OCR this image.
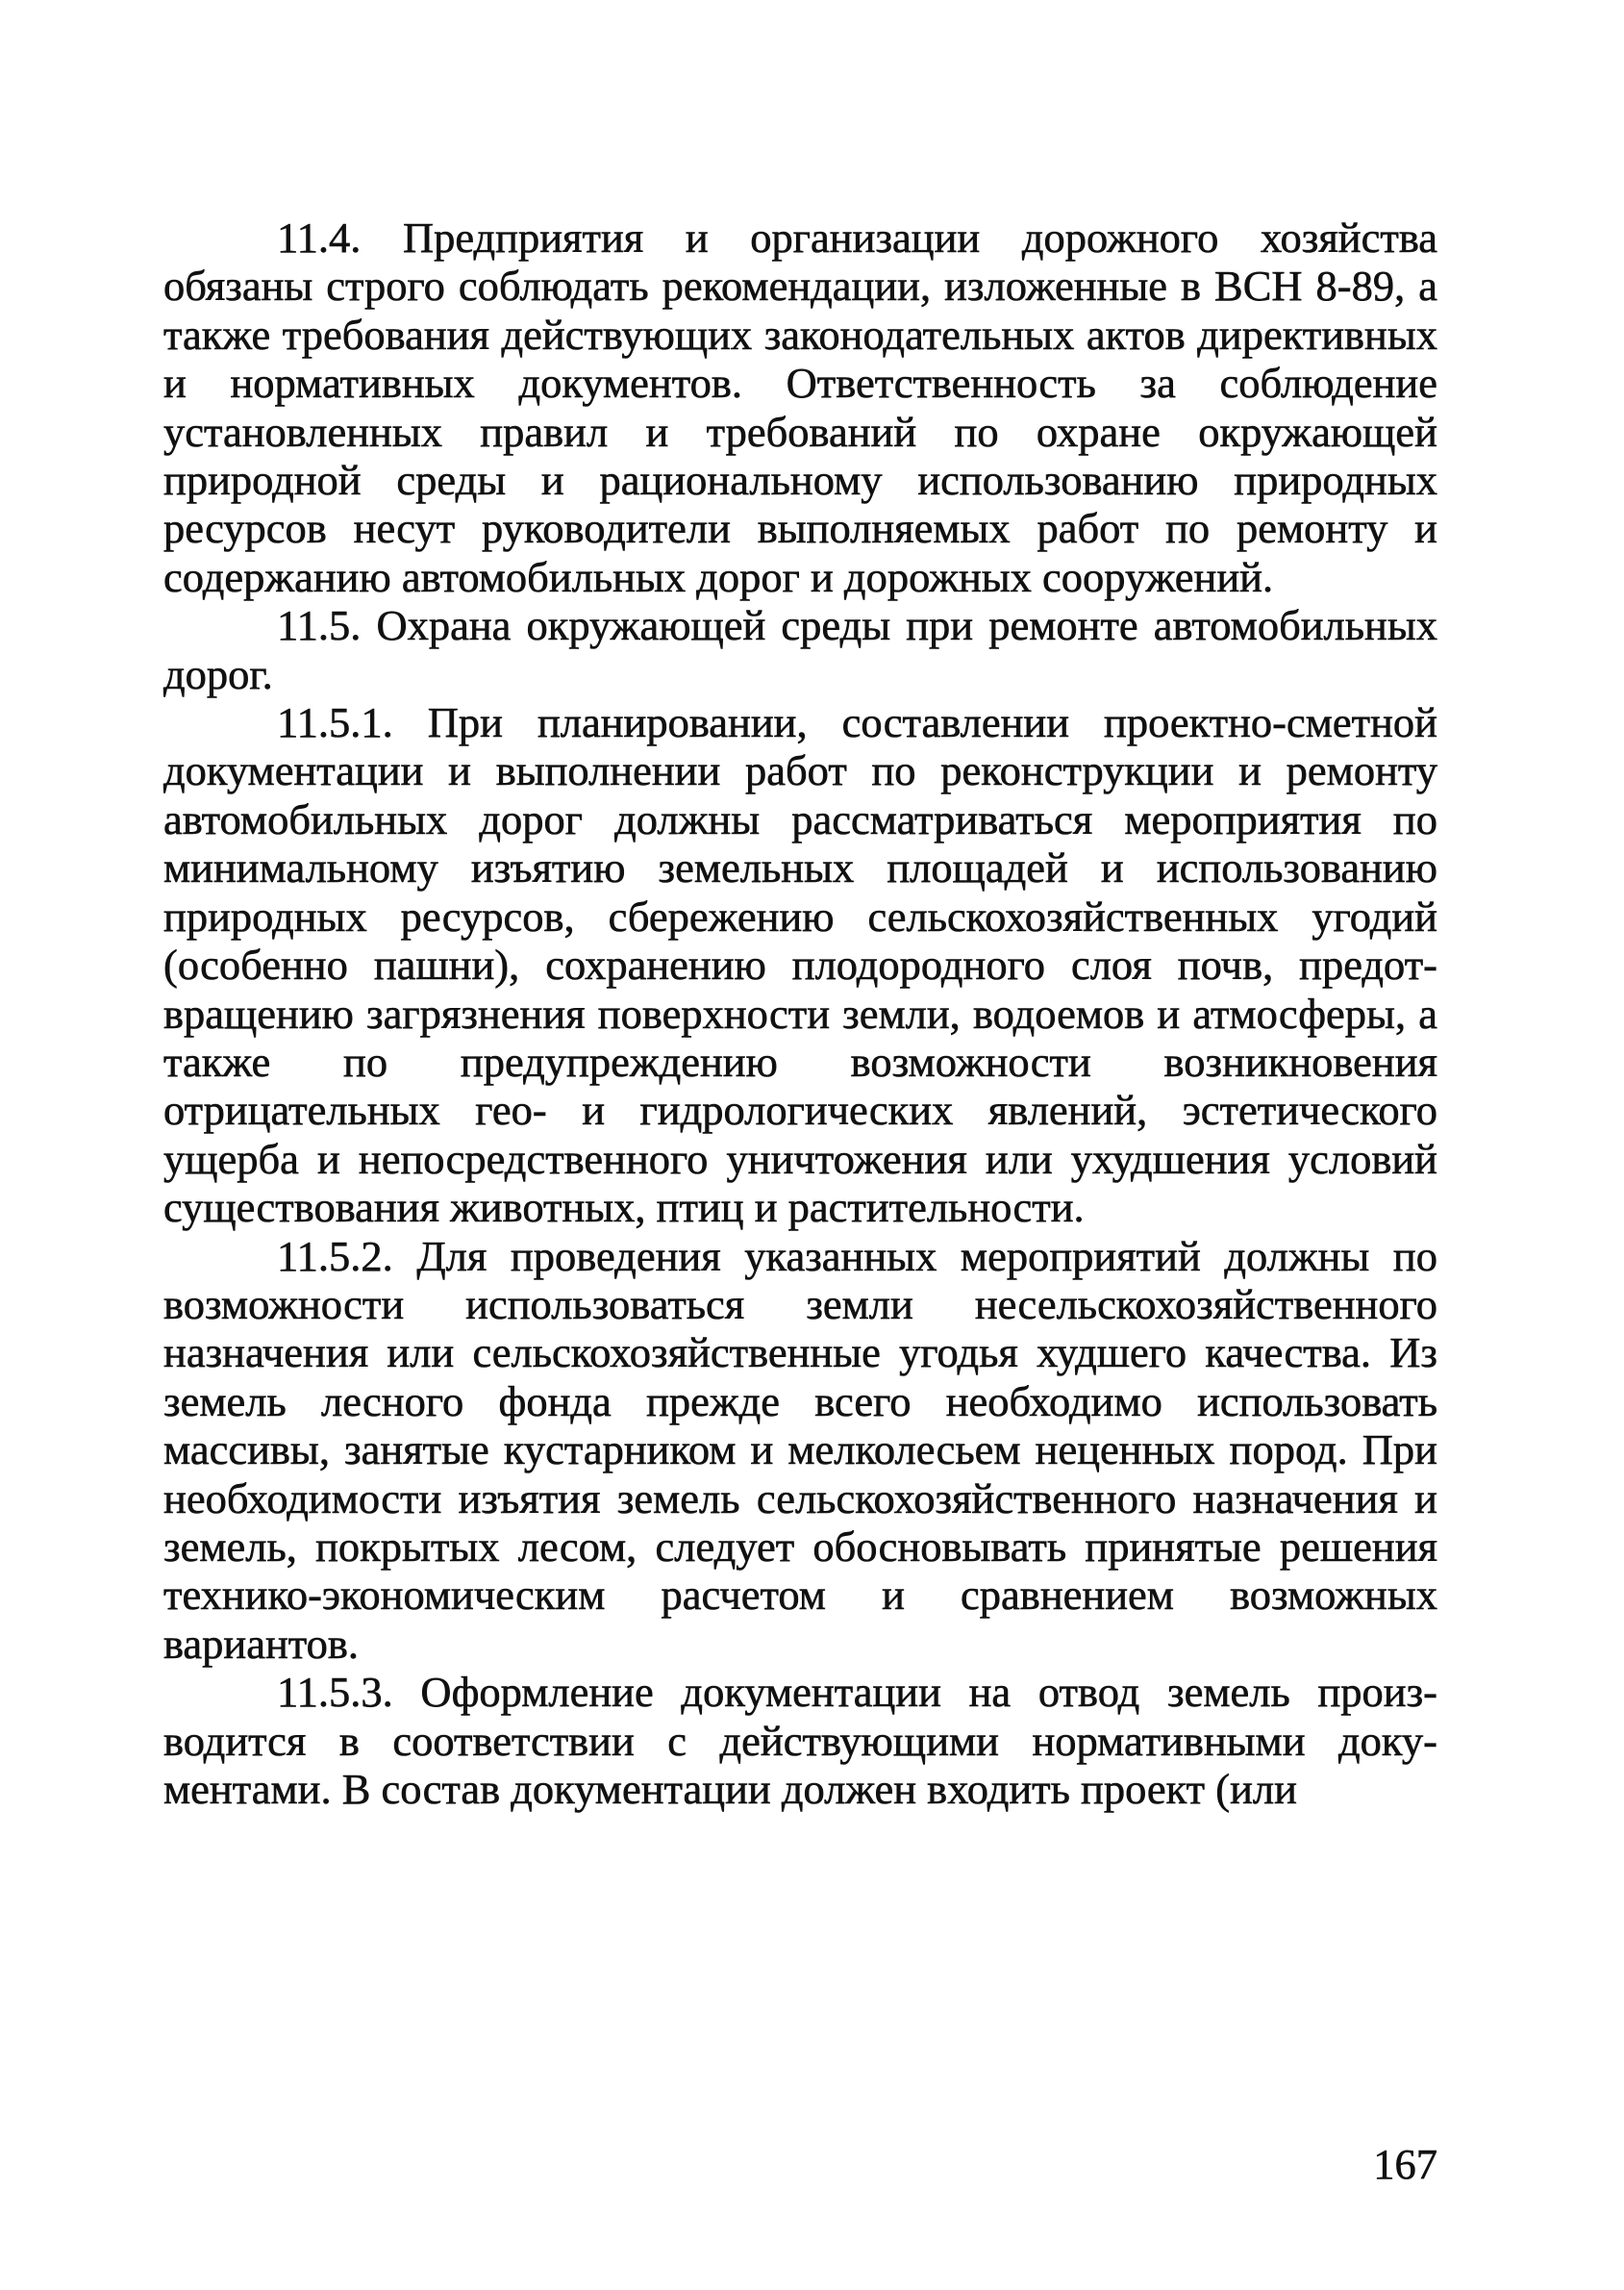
11.4. Предприятия и организации дорожного хозяйства обязаны строго соблюдать рекомендации, изложенные в ВСН 8-89, а также требования действующих законодательных актов директивных и нормативных документов. Ответственность за соблюдение установленных правил и требований по охране окружающей природной среды и рациональному использованию природных ресурсов несут руководители выполняемых работ по ремонту и содержанию автомобильных дорог и дорожных сооружений.

11.5. Охрана окружающей среды при ремонте автомобильных дорог.

11.5.1. При планировании, составлении проектно-сметной документации и выполнении работ по реконструкции и ремонту автомобильных дорог должны рассматриваться мероприятия по минимальному изъятию земельных площадей и использованию природных ресурсов, сбережению сельскохозяйственных угодий (особенно пашни), сохранению плодородного слоя почв, предотвращению загрязнения поверхности земли, водоемов и атмосферы, а также по предупреждению возможности возникновения отрицательных гео- и гидрологических явлений, эстетического ущерба и непосредственного уничтожения или ухудшения условий существования животных, птиц и растительности.

11.5.2. Для проведения указанных мероприятий должны по возможности использоваться земли несельскохозяйственного назначения или сельскохозяйственные угодья худшего качества. Из земель лесного фонда прежде всего необходимо использовать массивы, занятые кустарником и мелколесьем неценных пород. При необходимости изъятия земель сельскохозяйственного назначения и земель, покрытых лесом, следует обосновывать принятые решения технико-экономическим расчетом и сравнением возможных вариантов.

11.5.3. Оформление документации на отвод земель производится в соответствии с действующими нормативными документами. В состав документации должен входить проект (или

167
